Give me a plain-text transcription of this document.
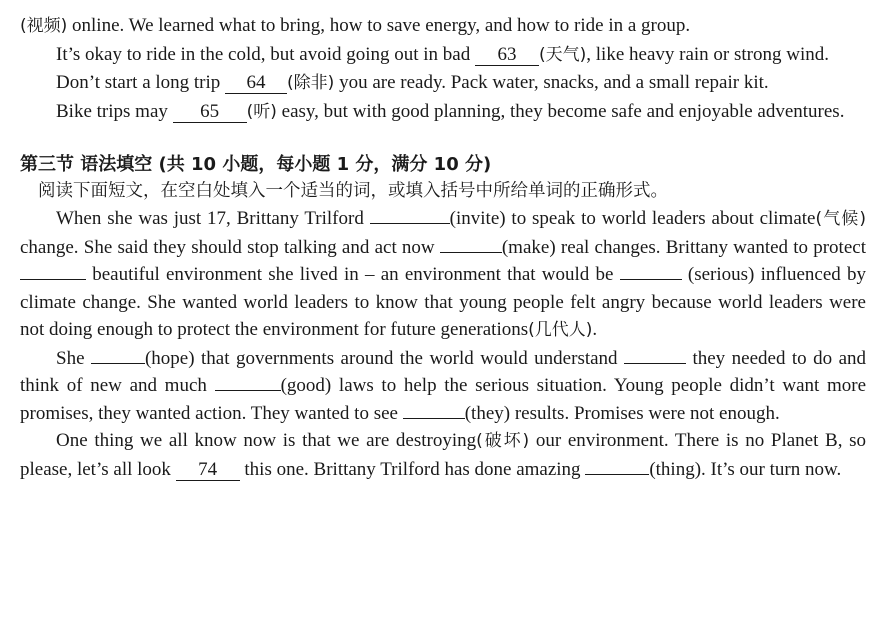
(视频) online. We learned what to bring, how to save energy, and how to ride in a group.

It’s okay to ride in the cold, but avoid going out in bad 63 (天气), like heavy rain or strong wind.

Don’t start a long trip 64 (除非) you are ready. Pack water, snacks, and a small repair kit.

Bike trips may 65 (听) easy, but with good planning, they become safe and enjoyable adventures.

第三节 语法填空 (共 10 小题，每小题 1 分，满分 10 分)

阅读下面短文，在空白处填入一个适当的词，或填入括号中所给单词的正确形式。

When she was just 17, Brittany Trilford	(invite) to speak to world leaders about climate(气候) change. She said they should stop talking and act now	(make) real changes. Brittany wanted to protect  beautiful environment she lived in – an environment that would be	(serious) influenced by climate change. She wanted world leaders to know that young people felt angry because world leaders were not doing enough to protect the environment for future generations(几代人).

She	(hope) that governments around the world would understand	they needed to do and think of new and much	(good) laws to help the serious situation. Young people didn’t want more promises, they wanted action. They wanted to see	(they) results. Promises were not enough.

One thing we all know now is that we are destroying(破坏) our environment. There is no Planet B, so please, let’s all look 74 this one. Brittany Trilford has done amazing	(thing). It’s our turn now.
